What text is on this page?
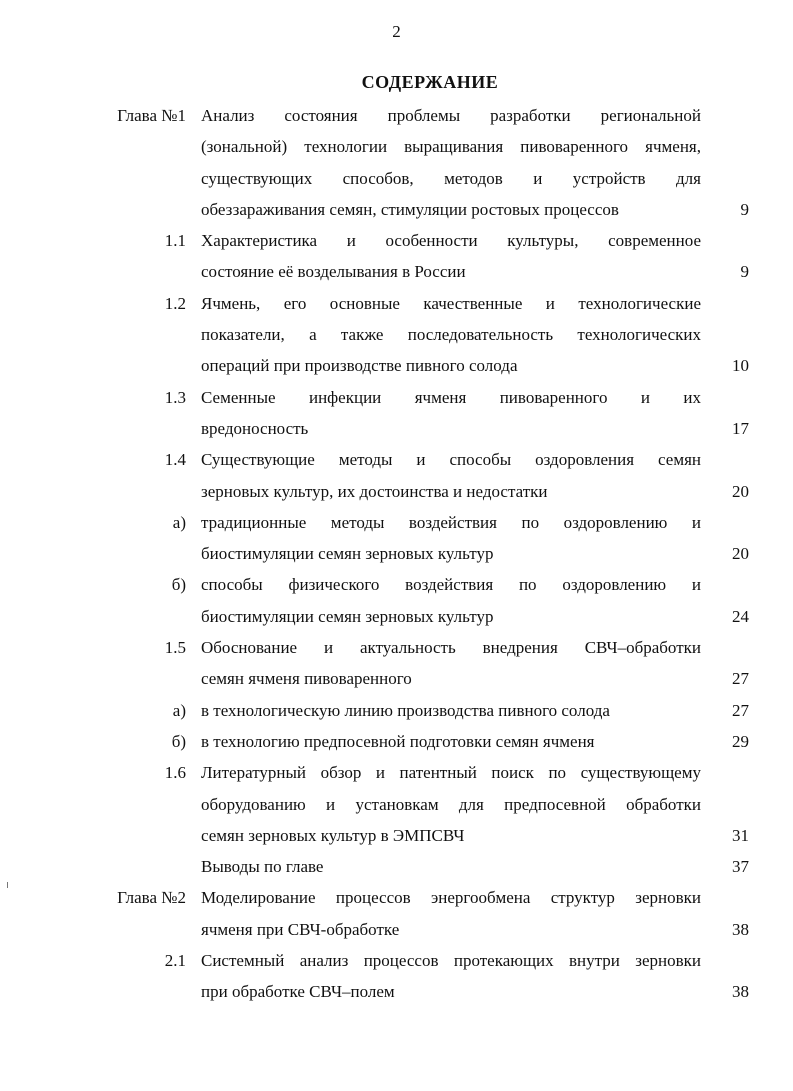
2
СОДЕРЖАНИЕ
Глава №1 Анализ состояния проблемы разработки региональной
(зональной) технологии выращивания пивоваренного ячменя,
существующих способов, методов и устройств для
обеззараживания семян, стимуляции ростовых процессов	9
1.1 Характеристика и особенности культуры, современное
состояние её возделывания в России	9
1.2 Ячмень, его основные качественные и технологические
показатели, а также последовательность технологических
операций при производстве пивного солода	10
1.3 Семенные инфекции ячменя пивоваренного и их
вредоносность	17
1.4 Существующие методы и способы оздоровления семян
зерновых культур, их достоинства и недостатки	20
а) традиционные методы воздействия по оздоровлению и
биостимуляции семян зерновых культур	20
б) способы физического воздействия по оздоровлению и
биостимуляции семян зерновых культур	24
1.5 Обоснование и актуальность внедрения СВЧ–обработки
семян ячменя пивоваренного	27
а) в технологическую линию производства пивного солода	27
б) в технологию предпосевной подготовки семян ячменя	29
1.6 Литературный обзор и патентный поиск по существующему
оборудованию и установкам для предпосевной обработки
семян зерновых культур в ЭМПСВЧ	31
Выводы по главе	37
Глава №2 Моделирование процессов энергообмена структур зерновки
ячменя при СВЧ-обработке	38
2.1 Системный анализ процессов протекающих внутри зерновки
при обработке СВЧ–полем	38
